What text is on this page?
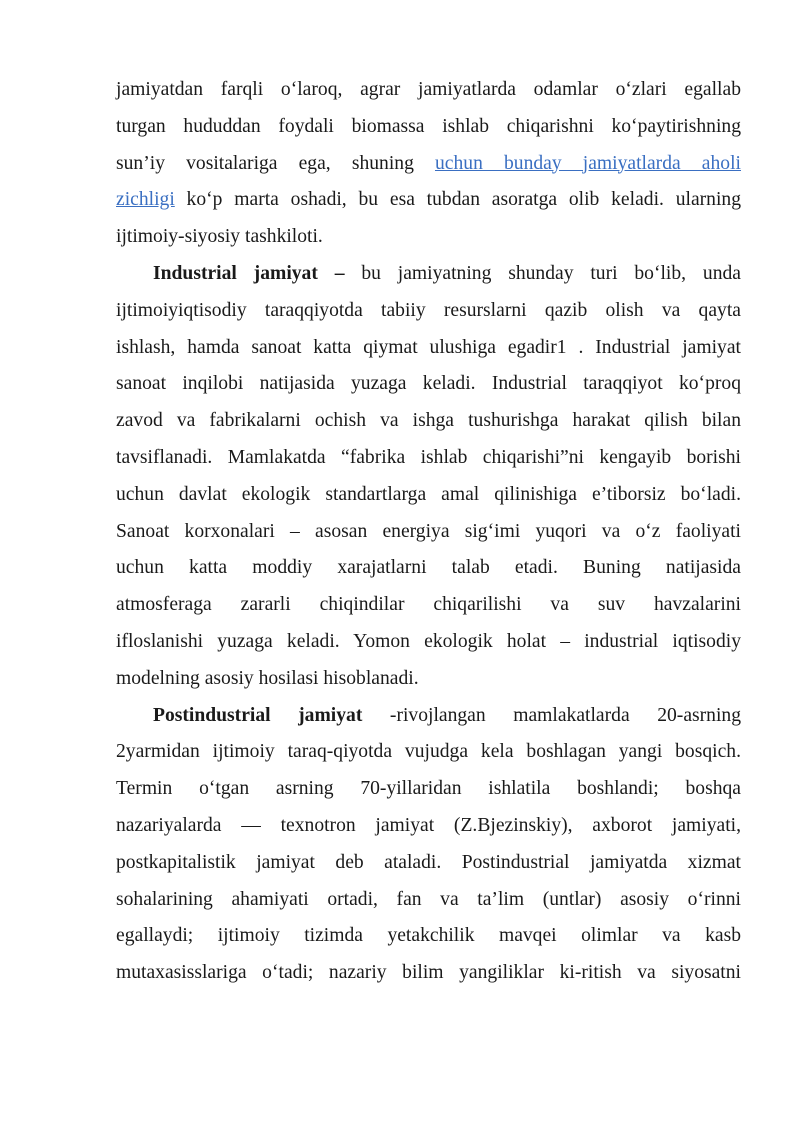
jamiyatdan farqli o‘laroq, agrar jamiyatlarda odamlar o‘zlari egallab
turgan hududdan foydali biomassa ishlab chiqarishni ko‘paytirishning
sun’iy vositalariga ega, shuning uchun bunday jamiyatlarda aholi
zichligi ko‘p marta oshadi, bu esa tubdan asoratga olib keladi. ularning
ijtimoiy-siyosiy tashkiloti.
Industrial jamiyat – bu jamiyatning shunday turi bo‘lib, unda
ijtimoiyiqtisodiy taraqqiyotda tabiiy resurslarni qazib olish va qayta
ishlash, hamda sanoat katta qiymat ulushiga egadir1 . Industrial jamiyat
sanoat inqilobi natijasida yuzaga keladi. Industrial taraqqiyot ko‘proq
zavod va fabrikalarni ochish va ishga tushurishga harakat qilish bilan
tavsiflanadi. Mamlakatda “fabrika ishlab chiqarishi”ni kengayib borishi
uchun davlat ekologik standartlarga amal qilinishiga e’tiborsiz bo‘ladi.
Sanoat korxonalari – asosan energiya sig‘imi yuqori va o‘z faoliyati
uchun katta moddiy xarajatlarni talab etadi. Buning natijasida
atmosferaga zararli chiqindilar chiqarilishi va suv havzalarini
ifloslanishi yuzaga keladi. Yomon ekologik holat – industrial iqtisodiy
modelning asosiy hosilasi hisoblanadi.
Postindustrial jamiyat -rivojlangan mamlakatlarda 20-asrning
2yarmidan ijtimoiy taraq-qiyotda vujudga kela boshlagan yangi bosqich.
Termin o‘tgan asrning 70-yillaridan ishlatila boshlandi; boshqa
nazariyalarda — texnotron jamiyat (Z.Bjezinskiy), axborot jamiyati,
postkapitalistik jamiyat deb ataladi. Postindustrial jamiyatda xizmat
sohalarining ahamiyati ortadi, fan va ta’lim (untlar) asosiy o‘rinni
egallaydi; ijtimoiy tizimda yetakchilik mavqei olimlar va kasb
mutaxasisslariga o‘tadi; nazariy bilim yangiliklar ki-ritish va siyosatni
